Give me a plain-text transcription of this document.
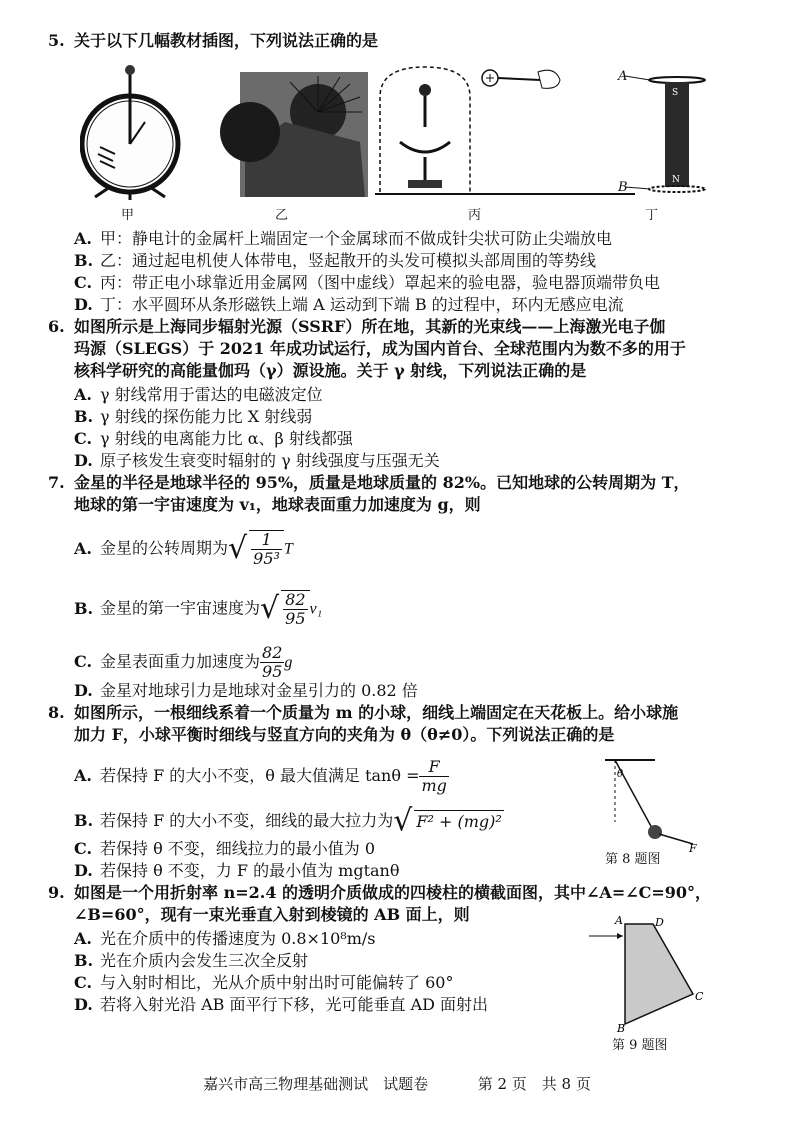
5. 关于以下几幅教材插图，下列说法正确的是
A
B
S
N
甲	乙	丙	丁
A. 甲：静电计的金属杆上端固定一个金属球而不做成针尖状可防止尖端放电
B. 乙：通过起电机使人体带电，竖起散开的头发可模拟头部周围的等势线
C. 丙：带正电小球靠近用金属网（图中虚线）罩起来的验电器，验电器顶端带负电
D. 丁：水平圆环从条形磁铁上端 A 运动到下端 B 的过程中，环内无感应电流
6. 如图所示是上海同步辐射光源（SSRF）所在地，其新的光束线——上海激光电子伽
玛源（SLEGS）于 2021 年成功试运行，成为国内首台、全球范围内为数不多的用于
核科学研究的高能量伽玛（γ）源设施。关于 γ 射线，下列说法正确的是
A. γ 射线常用于雷达的电磁波定位
B. γ 射线的探伤能力比 X 射线弱
C. γ 射线的电离能力比 α、β 射线都强
D. 原子核发生衰变时辐射的 γ 射线强度与压强无关
7. 金星的半径是地球半径的 95%，质量是地球质量的 82%。已知地球的公转周期为 T，
地球的第一宇宙速度为 v₁，地球表面重力加速度为 g，则
A. 金星的公转周期为√ $\frac{1}{\text{95³}}$ T
B. 金星的第一宇宙速度为√ $\frac{82}{95} v_1$
C. 金星表面重力加速度为 $\frac{82}{95}$ g
D. 金星对地球引力是地球对金星引力的 0.82 倍
8. 如图所示，一根细线系着一个质量为 m 的小球，细线上端固定在天花板上。给小球施
加力 F，小球平衡时细线与竖直方向的夹角为 θ（θ≠0）。下列说法正确的是
A. 若保持 F 的大小不变，θ 最大值满足 $\tan\theta = \frac{F}{mg}$
B. 若保持 F 的大小不变，细线的最大拉力为√ F² + (mg)²
C. 若保持 θ 不变，细线拉力的最小值为 0
D. 若保持 θ 不变，力 F 的最小值为 mgtanθ
θ
F
第 8 题图
9. 如图是一个用折射率 n=2.4 的透明介质做成的四棱柱的横截面图，其中∠A=∠C=90°，
∠B=60°，现有一束光垂直入射到棱镜的 AB 面上，则
A. 光在介质中的传播速度为 0.8×10⁸m/s
B. 光在介质内会发生三次全反射
C. 与入射时相比，光从介质中射出时可能偏转了 60°
D. 若将入射光沿 AB 面平行下移，光可能垂直 AD 面射出
A	D
C
B
第 9 题图
嘉兴市高三物理基础测试　试题卷	第 2 页　共 8 页
